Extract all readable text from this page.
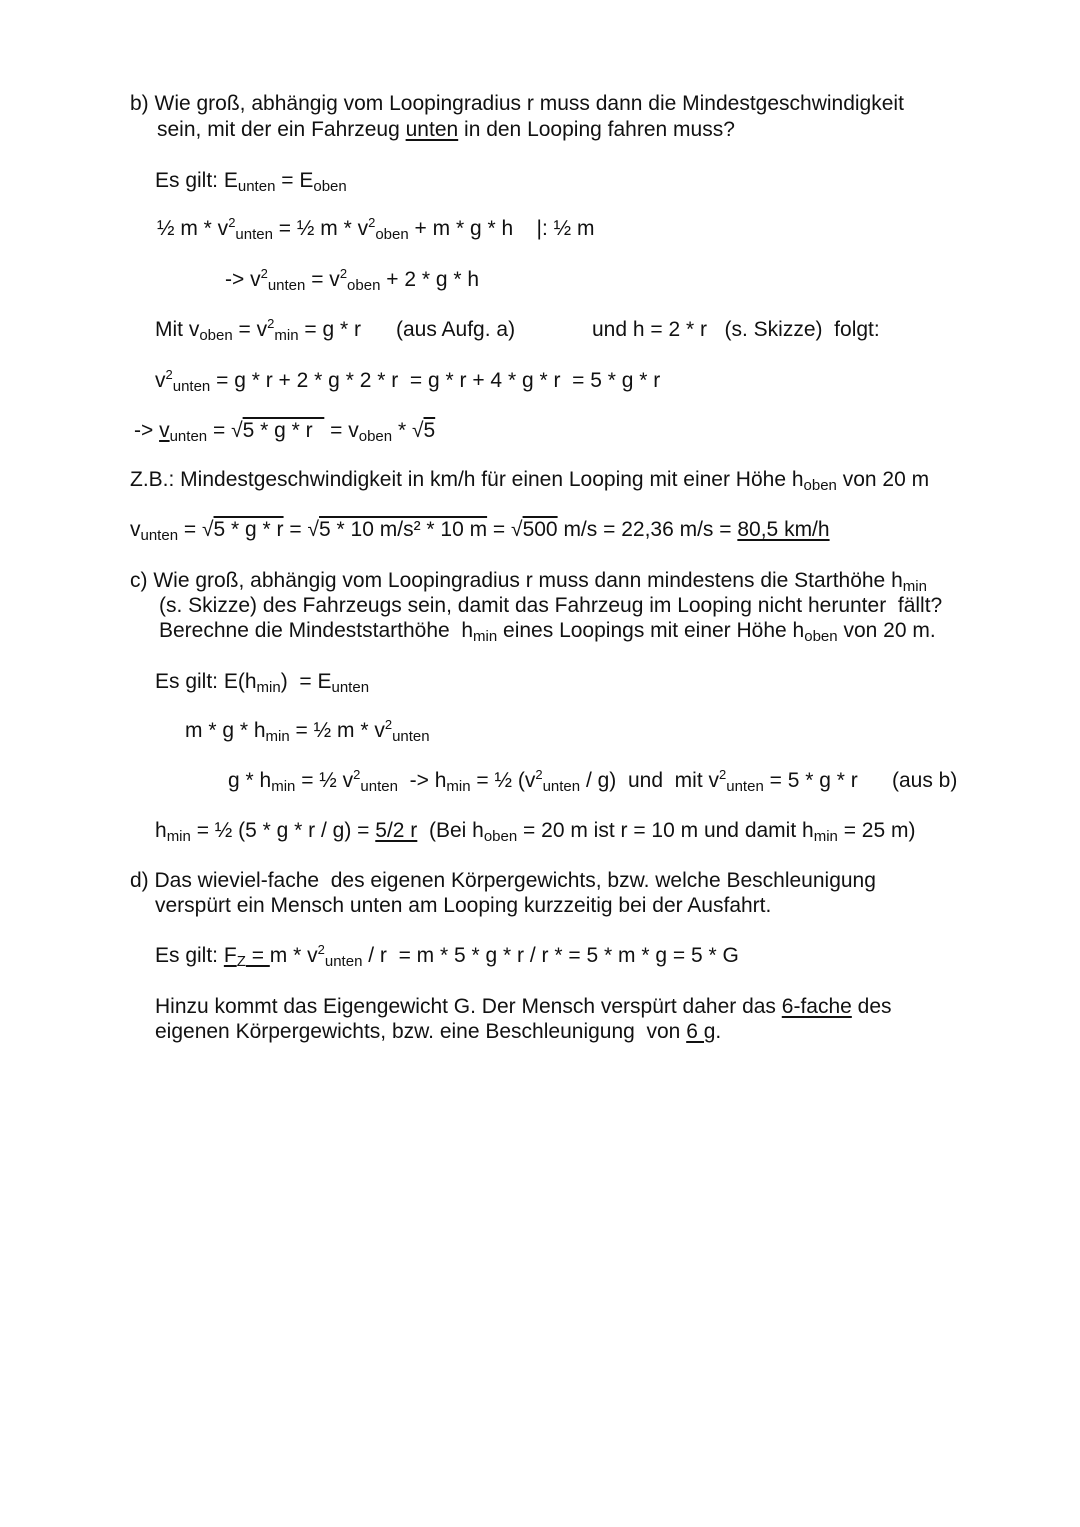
b) Wie groß, abhängig vom Loopingradius r muss dann die Mindestgeschwindigkeit
sein, mit der ein Fahrzeug unten in den Looping fahren muss?
Es gilt: $E_{unten} = E_{oben}$
½ m * $v^2_{unten}$ = ½ $m * v^2_{oben} + m * g * h$    |: ½ m
-> $v^2_{unten} = v^2_{oben} + 2 * g * h$
Mit $v_{oben} = v^2_{min} = g * r$      (aus Aufg. a)	und h = 2 * r   (s. Skizze)  folgt:
$v^2_{unten} = g * r + 2 * g * 2 * r = g * r + 4 * g * r = 5 * g * r$
-> $v_{unten} = √5 * g * r = v_{oben} * √5$
Z.B.: Mindestgeschwindigkeit in km/h für einen Looping mit einer Höhe $h_{oben}$ von 20 m
$v_{unten} = √5 * g * r = √5 * 10$ m/s² * 10 m = √500 m/s = 22,36 m/s = 80,5 km/h
c) Wie groß, abhängig vom Loopingradius r muss dann mindestens die Starthöhe $h_{min}$
(s. Skizze) des Fahrzeugs sein, damit das Fahrzeug im Looping nicht herunter  fällt?
Berechne die Mindeststarthöhe  $h_{min}$ eines Loopings mit einer Höhe $h_{oben}$ von 20 m.
Es gilt: $E(h_{min}) = E_{unten}$
m * g * $h_{min}$ = ½ m * $v^2_{unten}$
g * $h_{min}$ = ½ $v^2_{unten} -> h_{min}$ = ½ $(v^2_{unten} / g)$  und  mit $v^2_{unten} = 5 * g * r$ (aus b)
$h_{min}$ = ½ (5 * g * r / g) = 5/2 r  (Bei $h_{oben} = 20$ m ist r = 10 m und damit $h_{min} = 25$ m)
d) Das wieviel-fache  des eigenen Körpergewichts, bzw. welche Beschleunigung
verspürt ein Mensch unten am Looping kurzzeitig bei der Ausfahrt.
Es gilt: $F_Z = m * v^2_{unten} / r = m * 5 * g * r / r$ * = 5 * m * g = 5 * G
Hinzu kommt das Eigengewicht G. Der Mensch verspürt daher das 6-fache des
eigenen Körpergewichts, bzw. eine Beschleunigung  von 6 g.
